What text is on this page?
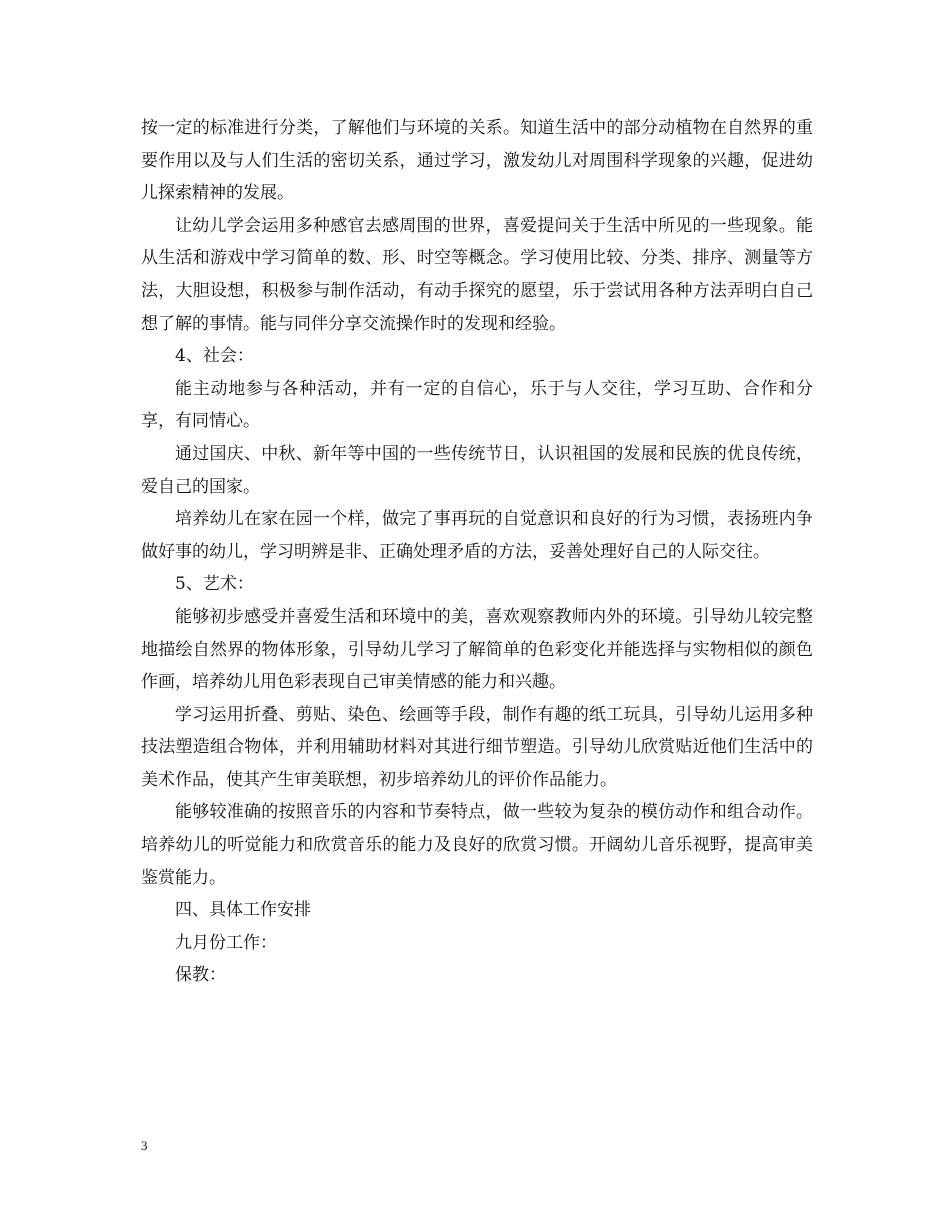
按一定的标准进行分类，了解他们与环境的关系。知道生活中的部分动植物在自然界的重要作用以及与人们生活的密切关系，通过学习，激发幼儿对周围科学现象的兴趣，促进幼儿探索精神的发展。

让幼儿学会运用多种感官去感周围的世界，喜爱提问关于生活中所见的一些现象。能从生活和游戏中学习简单的数、形、时空等概念。学习使用比较、分类、排序、测量等方法，大胆设想，积极参与制作活动，有动手探究的愿望，乐于尝试用各种方法弄明白自己想了解的事情。能与同伴分享交流操作时的发现和经验。

4、社会：

能主动地参与各种活动，并有一定的自信心，乐于与人交往，学习互助、合作和分享，有同情心。

通过国庆、中秋、新年等中国的一些传统节日，认识祖国的发展和民族的优良传统，爱自己的国家。

培养幼儿在家在园一个样，做完了事再玩的自觉意识和良好的行为习惯，表扬班内争做好事的幼儿，学习明辨是非、正确处理矛盾的方法，妥善处理好自己的人际交往。

5、艺术：

能够初步感受并喜爱生活和环境中的美，喜欢观察教师内外的环境。引导幼儿较完整地描绘自然界的物体形象，引导幼儿学习了解简单的色彩变化并能选择与实物相似的颜色作画，培养幼儿用色彩表现自己审美情感的能力和兴趣。

学习运用折叠、剪贴、染色、绘画等手段，制作有趣的纸工玩具，引导幼儿运用多种技法塑造组合物体，并利用辅助材料对其进行细节塑造。引导幼儿欣赏贴近他们生活中的美术作品，使其产生审美联想，初步培养幼儿的评价作品能力。

能够较准确的按照音乐的内容和节奏特点，做一些较为复杂的模仿动作和组合动作。培养幼儿的听觉能力和欣赏音乐的能力及良好的欣赏习惯。开阔幼儿音乐视野，提高审美鉴赏能力。

四、具体工作安排

九月份工作：

保教：

3
